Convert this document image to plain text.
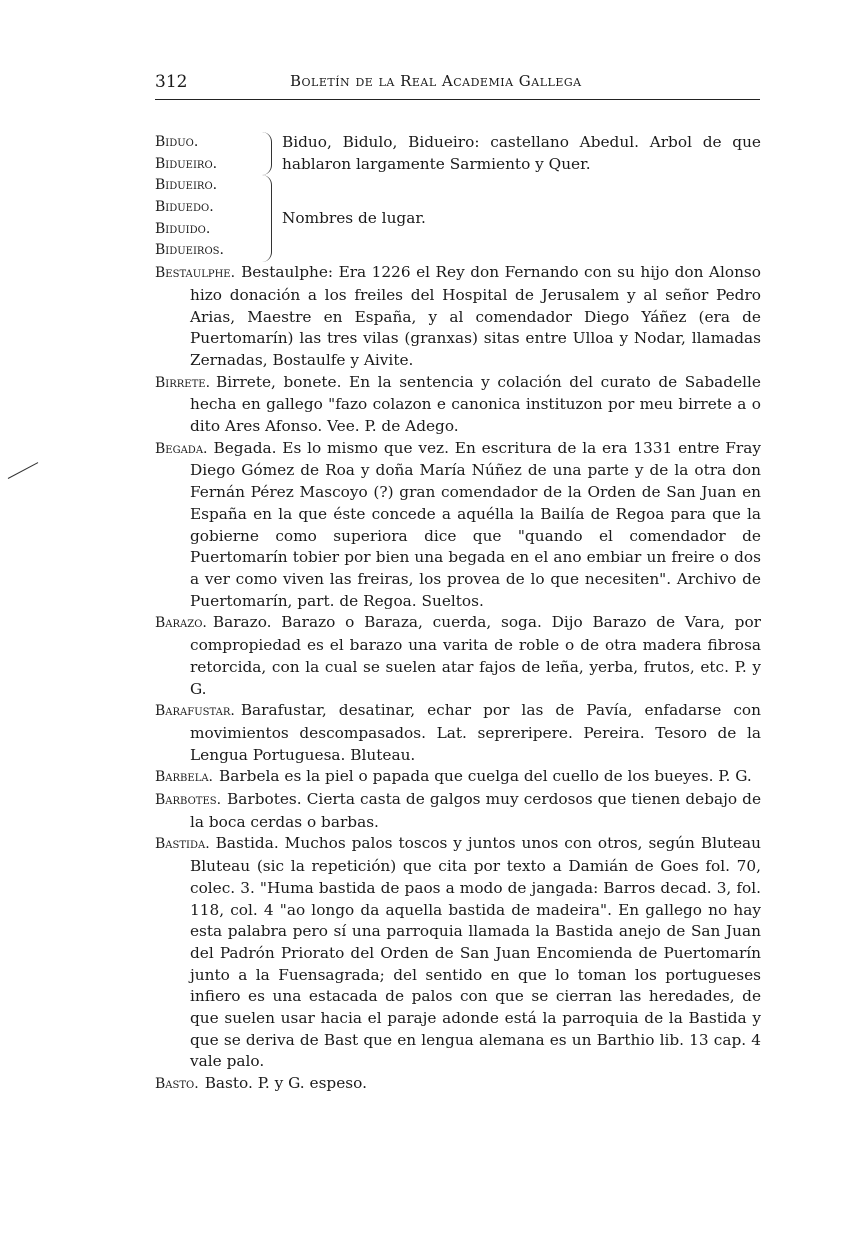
312	Boletín de la Real Academia Gallega
Biduo.
Bidueiro.
Biduo, Bidulo, Bidueiro: castellano Abedul. Arbol de que hablaron largamente Sarmiento y Quer.
Bidueiro.
Biduedo.
Biduido.
Bidueiros.
Nombres de lugar.
Bestaulphe. Bestaulphe: Era 1226 el Rey don Fernando con su hijo don Alonso hizo donación a los freiles del Hospital de Jerusalem y al señor Pedro Arias, Maestre en España, y al comendador Diego Yáñez (era de Puertomarín) las tres vilas (granxas) sitas entre Ulloa y Nodar, llamadas Zernadas, Bostaulfe y Aivite.
Birrete. Birrete, bonete. En la sentencia y colación del curato de Sabadelle hecha en gallego "fazo colazon e canonica instituzon por meu birrete a o dito Ares Afonso. Vee. P. de Adego.
Begada. Begada. Es lo mismo que vez. En escritura de la era 1331 entre Fray Diego Gómez de Roa y doña María Núñez de una parte y de la otra don Fernán Pérez Mascoyo (?) gran comendador de la Orden de San Juan en España en la que éste concede a aquélla la Bailía de Regoa para que la gobierne como superiora dice que "quando el comendador de Puertomarín tobier por bien una begada en el ano embiar un freire o dos a ver como viven las freiras, los provea de lo que necesiten". Archivo de Puertomarín, part. de Regoa. Sueltos.
Barazo. Barazo. Barazo o Baraza, cuerda, soga. Dijo Barazo de Vara, por compropiedad es el barazo una varita de roble o de otra madera fibrosa retorcida, con la cual se suelen atar fajos de leña, yerba, frutos, etc. P. y G.
Barafustar. Barafustar, desatinar, echar por las de Pavía, enfadarse con movimientos descompasados. Lat. sepreripere. Pereira. Tesoro de la Lengua Portuguesa. Bluteau.
Barbela. Barbela es la piel o papada que cuelga del cuello de los bueyes. P. G.
Barbotes. Barbotes. Cierta casta de galgos muy cerdosos que tienen debajo de la boca cerdas o barbas.
Bastida. Bastida. Muchos palos toscos y juntos unos con otros, según Bluteau Bluteau (sic la repetición) que cita por texto a Damián de Goes fol. 70, colec. 3. "Huma bastida de paos a modo de jangada: Barros decad. 3, fol. 118, col. 4 "ao longo da aquella bastida de madeira". En gallego no hay esta palabra pero sí una parroquia llamada la Bastida anejo de San Juan del Padrón Priorato del Orden de San Juan Encomienda de Puertomarín junto a la Fuensagrada; del sentido en que lo toman los portugueses infiero es una estacada de palos con que se cierran las heredades, de que suelen usar hacia el paraje adonde está la parroquia de la Bastida y que se deriva de Bast que en lengua alemana es un Barthio lib. 13 cap. 4 vale palo.
Basto. Basto. P. y G. espeso.
